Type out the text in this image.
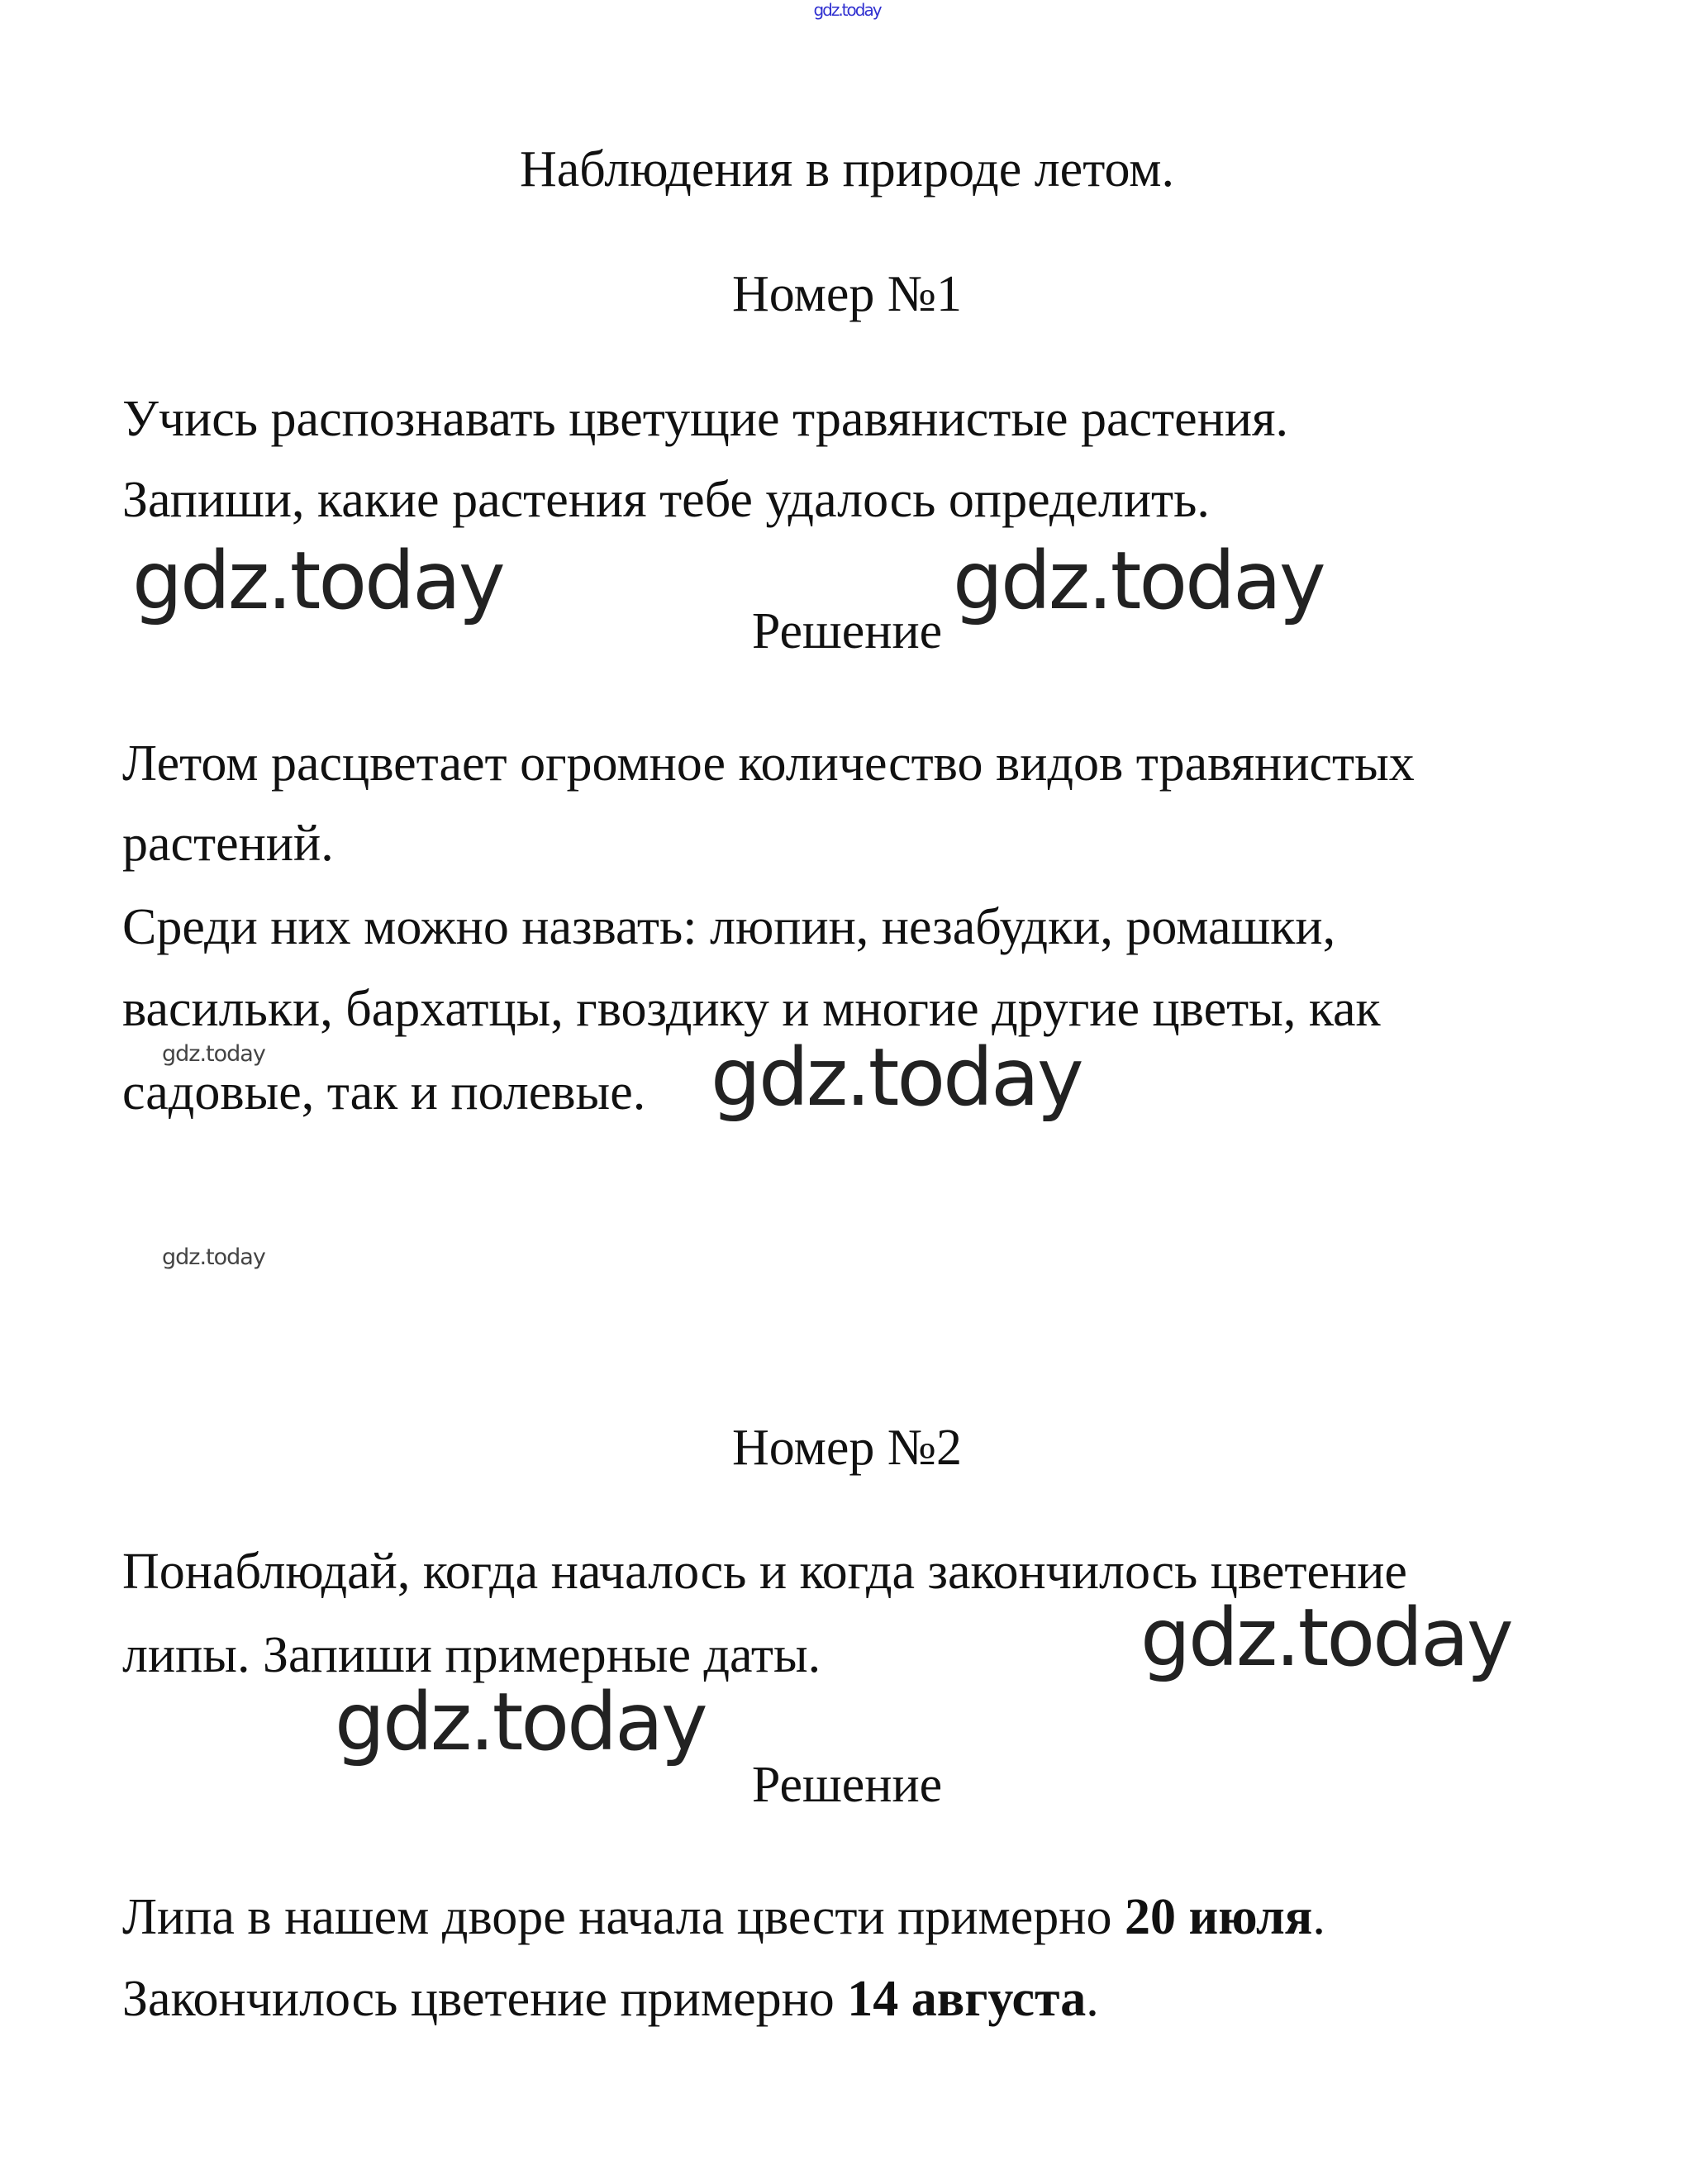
gdz.today
Наблюдения в природе летом.
Номер №1
Учись распознавать цветущие травянистые растения.
Запиши, какие растения тебе удалось определить.
gdz.today
Решение
gdz.today
Летом расцветает огромное количество видов травянистых
растений.
Среди них можно назвать: люпин, незабудки, ромашки,
васильки, бархатцы, гвоздику и многие другие цветы, как
садовые, так и полевые.
gdz.today	gdz.today
gdz.today
Номер №2
Понаблюдай, когда началось и когда закончилось цветение
липы. Запиши примерные даты.	gdz.today
gdz.today
Решение
Липа в нашем дворе начала цвести примерно 20 июля.
Закончилось цветение примерно 14 августа.
